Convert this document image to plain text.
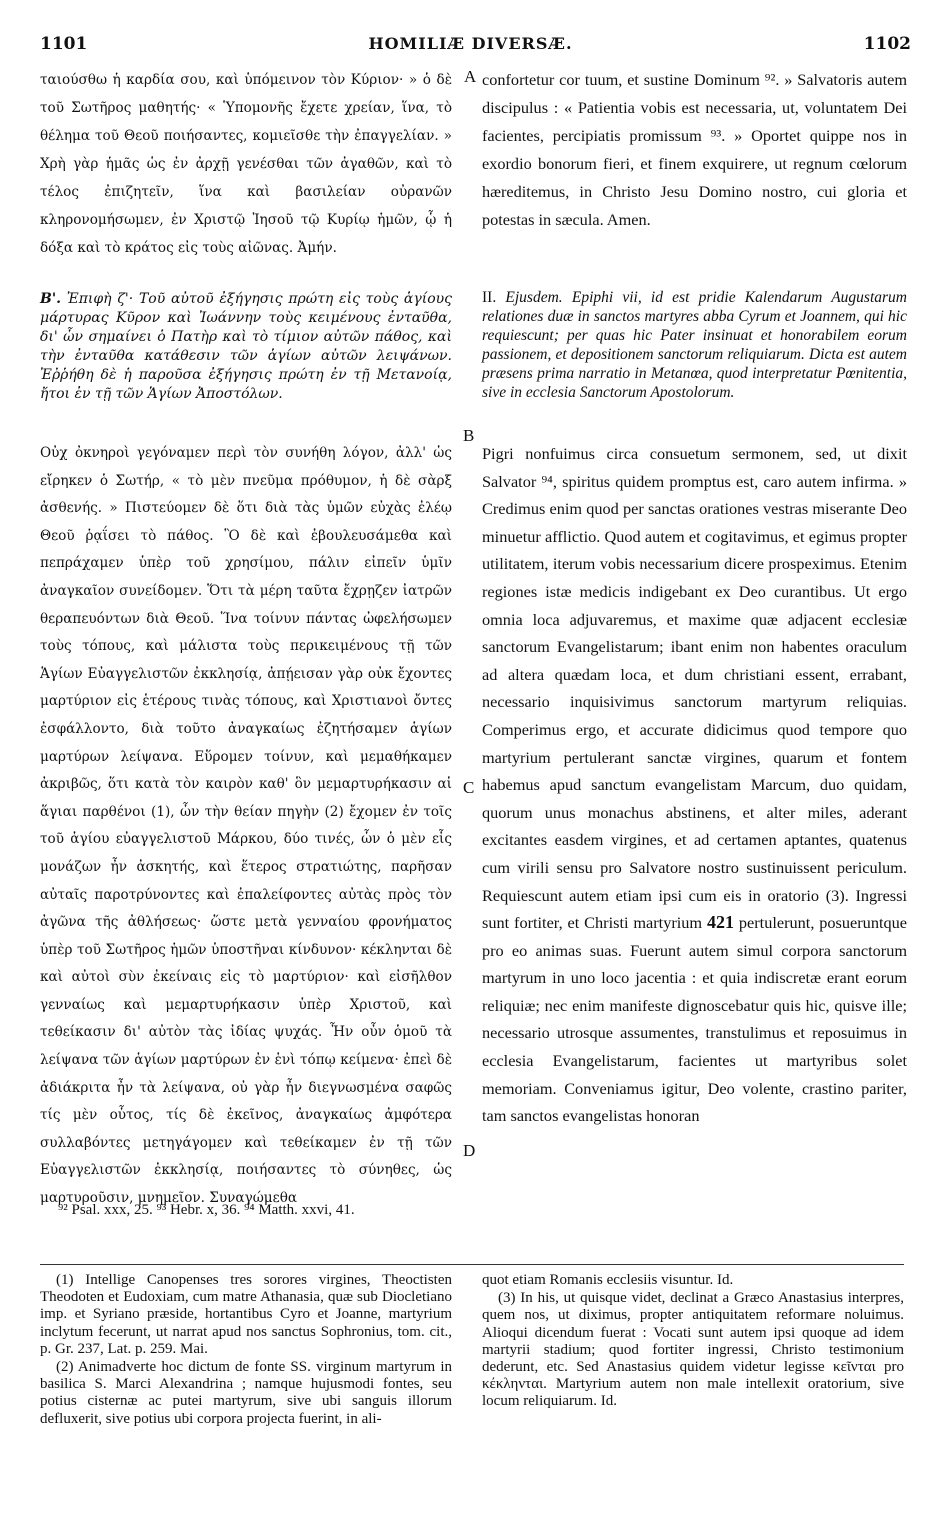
1101	HOMILIÆ DIVERSÆ.	1102

ταιούσθω ἡ καρδία σου, καὶ ὑπόμεινον τὸν Κύριον· » ὁ δὲ τοῦ Σωτῆρος μαθητής· « Ὑπομονῆς ἔχετε χρείαν, ἵνα, τὸ θέλημα τοῦ Θεοῦ ποιήσαντες, κομιεῖσθε τὴν ἐπαγγελίαν. » Χρὴ γὰρ ἡμᾶς ὡς ἐν ἀρχῇ γενέσθαι τῶν ἀγαθῶν, καὶ τὸ τέλος ἐπιζητεῖν, ἵνα καὶ βασιλείαν οὐρανῶν κληρονομήσωμεν, ἐν Χριστῷ Ἰησοῦ τῷ Κυρίῳ ἡμῶν, ᾧ ἡ δόξα καὶ τὸ κράτος εἰς τοὺς αἰῶνας. Ἀμήν.

Β'. Ἐπιφὴ ζ'· Τοῦ αὐτοῦ ἐξήγησις πρώτη εἰς τοὺς ἁγίους μάρτυρας Κῦρον καὶ Ἰωάννην τοὺς κειμένους ἐνταῦθα, δι' ὧν σημαίνει ὁ Πατὴρ καὶ τὸ τίμιον αὐτῶν πάθος, καὶ τὴν ἐνταῦθα κατάθεσιν τῶν ἁγίων αὐτῶν λειψάνων. Ἐῤῥήθη δὲ ἡ παροῦσα ἐξήγησις πρώτη ἐν τῇ Μετανοίᾳ, ἤτοι ἐν τῇ τῶν Ἁγίων Ἀποστόλων.

Οὐχ ὀκνηροὶ γεγόναμεν περὶ τὸν συνήθη λόγον, ἀλλ' ὡς εἴρηκεν ὁ Σωτήρ, « τὸ μὲν πνεῦμα πρόθυμον, ἡ δὲ σὰρξ ἀσθενής. » Πιστεύομεν δὲ ὅτι διὰ τὰς ὑμῶν εὐχὰς ἐλέῳ Θεοῦ ῥᾳΐσει τὸ πάθος. Ὃ δὲ καὶ ἐβουλευσάμεθα καὶ πεπράχαμεν ὑπὲρ τοῦ χρησίμου, πάλιν εἰπεῖν ὑμῖν ἀναγκαῖον συνείδομεν. Ὅτι τὰ μέρη ταῦτα ἔχρῃζεν ἰατρῶν θεραπευόντων διὰ Θεοῦ. Ἵνα τοίνυν πάντας ὠφελήσωμεν τοὺς τόπους, καὶ μάλιστα τοὺς περικειμένους τῇ τῶν Ἁγίων Εὐαγγελιστῶν ἐκκλησίᾳ, ἀπῄεισαν γὰρ οὐκ ἔχοντες μαρτύριον εἰς ἑτέρους τινὰς τόπους, καὶ Χριστιανοὶ ὄντες ἐσφάλλοντο, διὰ τοῦτο ἀναγκαίως ἐζητήσαμεν ἁγίων μαρτύρων λείψανα. Εὕρομεν τοίνυν, καὶ μεμαθήκαμεν ἀκριβῶς, ὅτι κατὰ τὸν καιρὸν καθ' ὃν μεμαρτυρήκασιν αἱ ἅγιαι παρθένοι (1), ὧν τὴν θείαν πηγὴν (2) ἔχομεν ἐν τοῖς τοῦ ἁγίου εὐαγγελιστοῦ Μάρκου, δύο τινές, ὧν ὁ μὲν εἷς μονάζων ἦν ἀσκητής, καὶ ἕτερος στρατιώτης, παρῆσαν αὐταῖς παροτρύνοντες καὶ ἐπαλείφοντες αὐτὰς πρὸς τὸν ἀγῶνα τῆς ἀθλήσεως· ὥστε μετὰ γενναίου φρονήματος ὑπὲρ τοῦ Σωτῆρος ἡμῶν ὑποστῆναι κίνδυνον· κέκληνται δὲ καὶ αὐτοὶ σὺν ἐκείναις εἰς τὸ μαρτύριον· καὶ εἰσῆλθον γενναίως καὶ μεμαρτυρήκασιν ὑπὲρ Χριστοῦ, καὶ τεθείκασιν δι' αὐτὸν τὰς ἰδίας ψυχάς. Ἦν οὖν ὁμοῦ τὰ λείψανα τῶν ἁγίων μαρτύρων ἐν ἑνὶ τόπῳ κείμενα· ἐπεὶ δὲ ἀδιάκριτα ἦν τὰ λείψανα, οὐ γὰρ ἦν διεγνωσμένα σαφῶς τίς μὲν οὗτος, τίς δὲ ἐκεῖνος, ἀναγκαίως ἀμφότερα συλλαβόντες μετηγάγομεν καὶ τεθείκαμεν ἐν τῇ τῶν Εὐαγγελιστῶν ἐκκλησίᾳ, ποιήσαντες τὸ σύνηθες, ὡς μαρτυροῦσιν, μνημεῖον. Συναγώμεθα

A
B
C
D

confortetur cor tuum, et sustine Dominum ⁹². » Salvatoris autem discipulus : « Patientia vobis est necessaria, ut, voluntatem Dei facientes, percipiatis promissum ⁹³. » Oportet quippe nos in exordio bonorum fieri, et finem exquirere, ut regnum cœlorum hæreditemus, in Christo Jesu Domino nostro, cui gloria et potestas in sæcula. Amen.

II. Ejusdem. Epiphi vii, id est pridie Kalendarum Augustarum relationes duæ in sanctos martyres abba Cyrum et Joannem, qui hic requiescunt; per quas hic Pater insinuat et honorabilem eorum passionem, et depositionem sanctorum reliquiarum. Dicta est autem præsens prima narratio in Metanœa, quod interpretatur Pœnitentia, sive in ecclesia Sanctorum Apostolorum.

Pigri nonfuimus circa consuetum sermonem, sed, ut dixit Salvator ⁹⁴, spiritus quidem promptus est, caro autem infirma. » Credimus enim quod per sanctas orationes vestras miserante Deo minuetur afflictio. Quod autem et cogitavimus, et egimus propter utilitatem, iterum vobis necessarium dicere prospeximus. Etenim regiones istæ medicis indigebant ex Deo curantibus. Ut ergo omnia loca adjuvaremus, et maxime quæ adjacent ecclesiæ sanctorum Evangelistarum; ibant enim non habentes oraculum ad altera quædam loca, et dum christiani essent, errabant, necessario inquisivimus sanctorum martyrum reliquias. Comperimus ergo, et accurate didicimus quod tempore quo martyrium pertulerant sanctæ virgines, quarum et fontem habemus apud sanctum evangelistam Marcum, duo quidam, quorum unus monachus abstinens, et alter miles, aderant excitantes easdem virgines, et ad certamen aptantes, quatenus cum virili sensu pro Salvatore nostro sustinuissent periculum. Requiescunt autem etiam ipsi cum eis in oratorio (3). Ingressi sunt fortiter, et Christi martyrium 421 pertulerunt, posueruntque pro eo animas suas. Fuerunt autem simul corpora sanctorum martyrum in uno loco jacentia : et quia indiscretæ erant eorum reliquiæ; nec enim manifeste dignoscebatur quis hic, quisve ille; necessario utrosque assumentes, transtulimus et reposuimus in ecclesia Evangelistarum, facientes ut martyribus solet memoriam. Conveniamus igitur, Deo volente, crastino pariter, tam sanctos evangelistas honoran

⁹² Psal. xxx, 25. ⁹³ Hebr. x, 36. ⁹⁴ Matth. xxvi, 41.

(1) Intellige Canopenses tres sorores virgines, Theoctisten Theodoten et Eudoxiam, cum matre Athanasia, quæ sub Diocletiano imp. et Syriano præside, hortantibus Cyro et Joanne, martyrium inclytum fecerunt, ut narrat apud nos sanctus Sophronius, tom. cit., p. Gr. 237, Lat. p. 259. Mai.

(2) Animadverte hoc dictum de fonte SS. virginum martyrum in basilica S. Marci Alexandrina ; namque hujusmodi fontes, seu potius cisternæ ac putei martyrum, sive ubi sanguis illorum defluxerit, sive potius ubi corpora projecta fuerint, in ali-

quot etiam Romanis ecclesiis visuntur. Id.

(3) In his, ut quisque videt, declinat a Græco Anastasius interpres, quem nos, ut diximus, propter antiquitatem reformare noluimus. Alioqui dicendum fuerat : Vocati sunt autem ipsi quoque ad idem martyrii stadium; quod fortiter ingressi, Christo testimonium dederunt, etc. Sed Anastasius quidem videtur legisse κεῖνται pro κέκληνται. Martyrium autem non male intellexit oratorium, sive locum reliquiarum. Id.
